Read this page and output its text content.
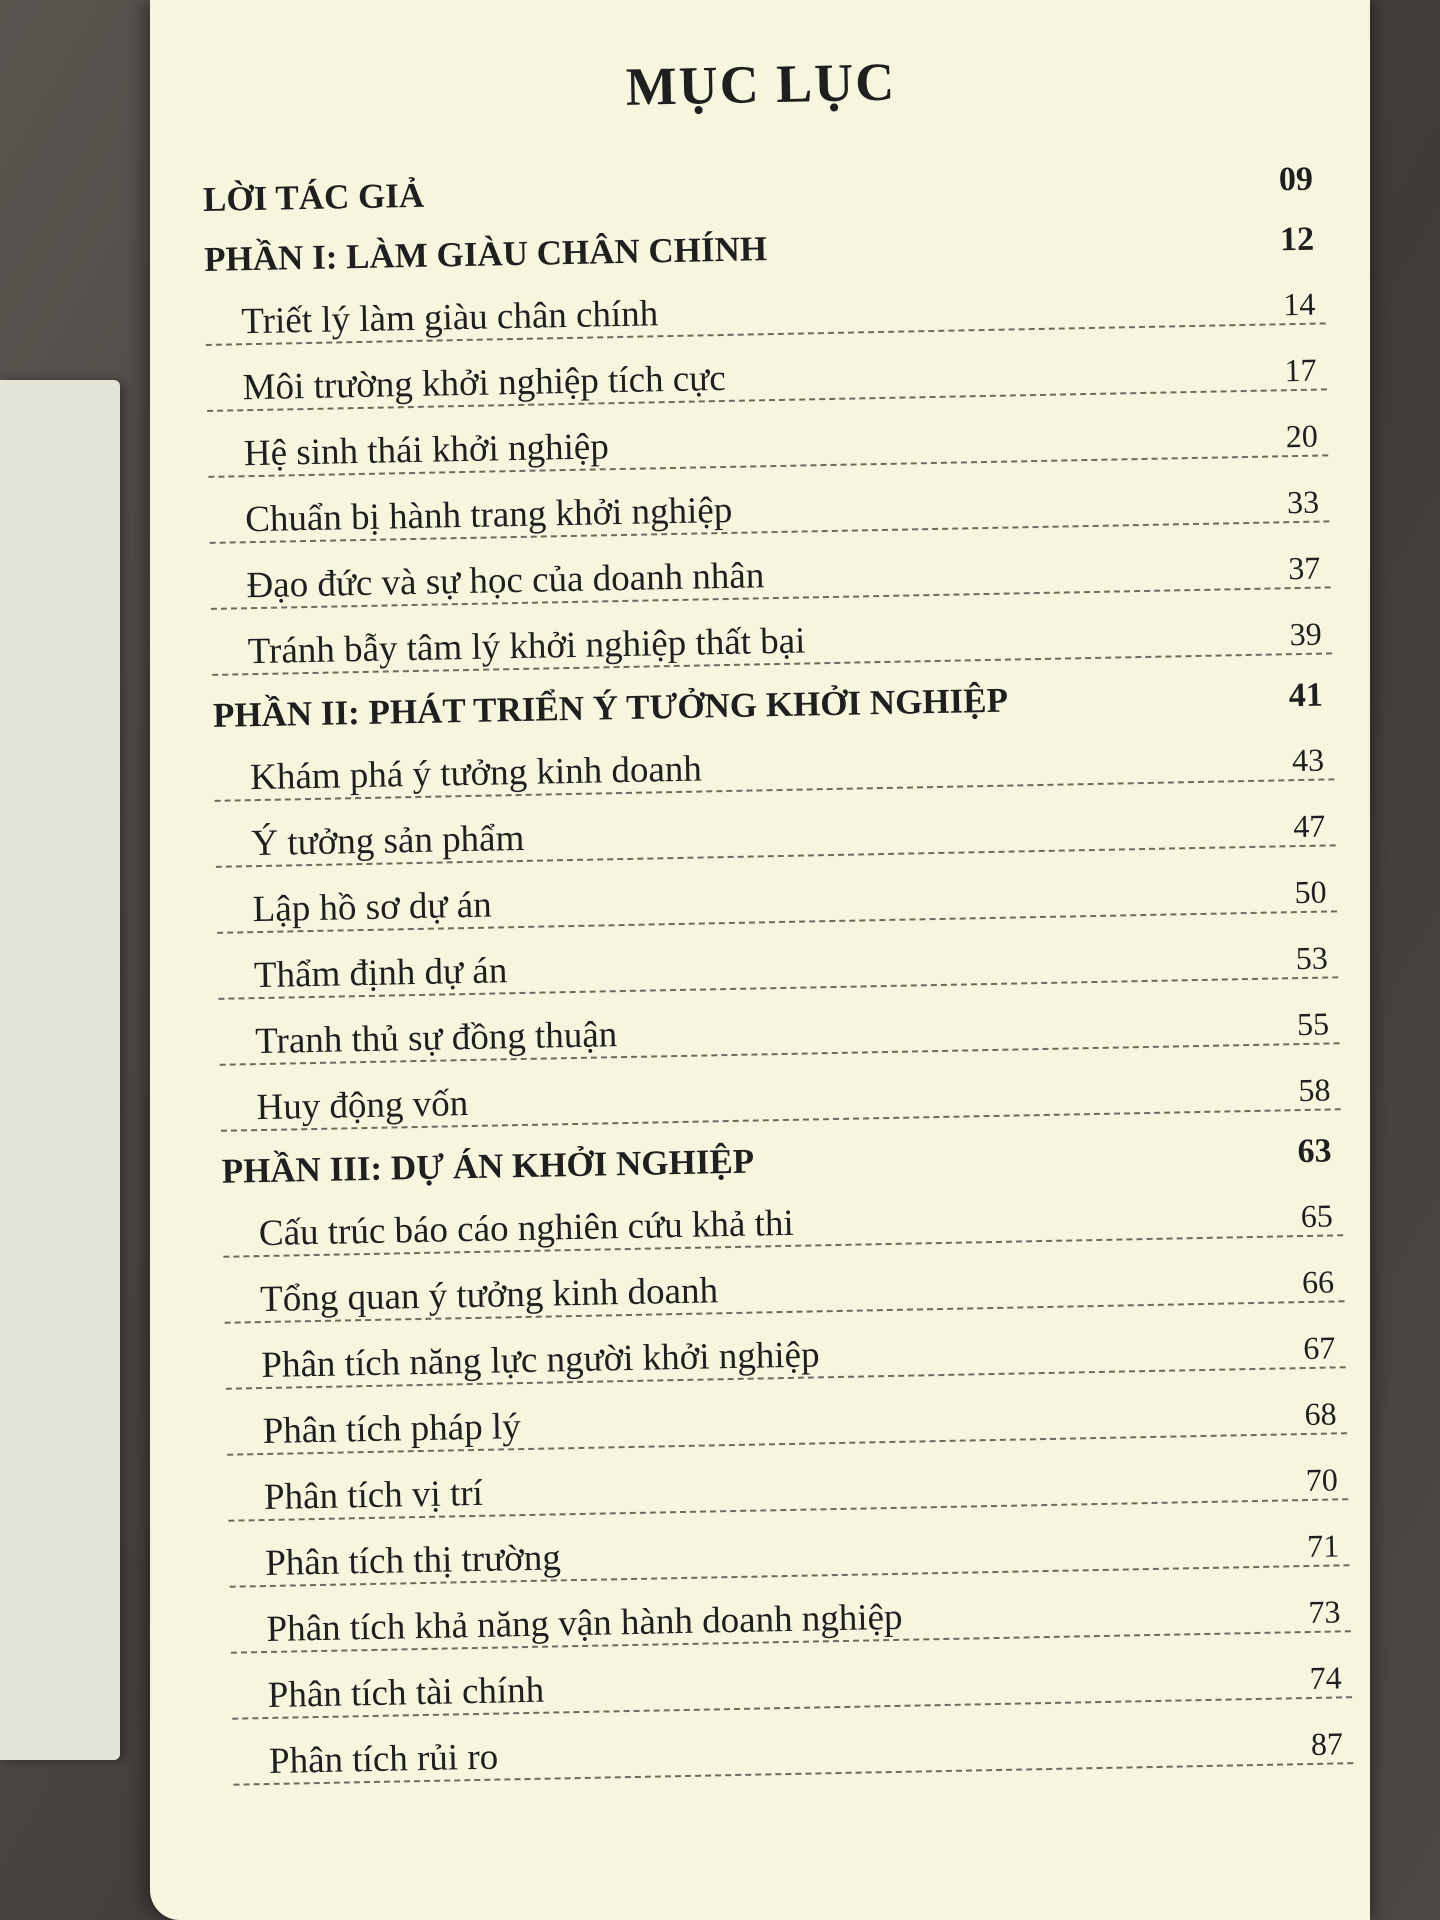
MỤC LỤC
LỜI TÁC GIẢ	09
PHẦN I: LÀM GIÀU CHÂN CHÍNH	12
Triết lý làm giàu chân chính	14
Môi trường khởi nghiệp tích cực	17
Hệ sinh thái khởi nghiệp	20
Chuẩn bị hành trang khởi nghiệp	33
Đạo đức và sự học của doanh nhân	37
Tránh bẫy tâm lý khởi nghiệp thất bại	39
PHẦN II: PHÁT TRIỂN Ý TƯỞNG KHỞI NGHIỆP	41
Khám phá ý tưởng kinh doanh	43
Ý tưởng sản phẩm	47
Lập hồ sơ dự án	50
Thẩm định dự án	53
Tranh thủ sự đồng thuận	55
Huy động vốn	58
PHẦN III: DỰ ÁN KHỞI NGHIỆP	63
Cấu trúc báo cáo nghiên cứu khả thi	65
Tổng quan ý tưởng kinh doanh	66
Phân tích năng lực người khởi nghiệp	67
Phân tích pháp lý	68
Phân tích vị trí	70
Phân tích thị trường	71
Phân tích khả năng vận hành doanh nghiệp	73
Phân tích tài chính	74
Phân tích rủi ro	87
